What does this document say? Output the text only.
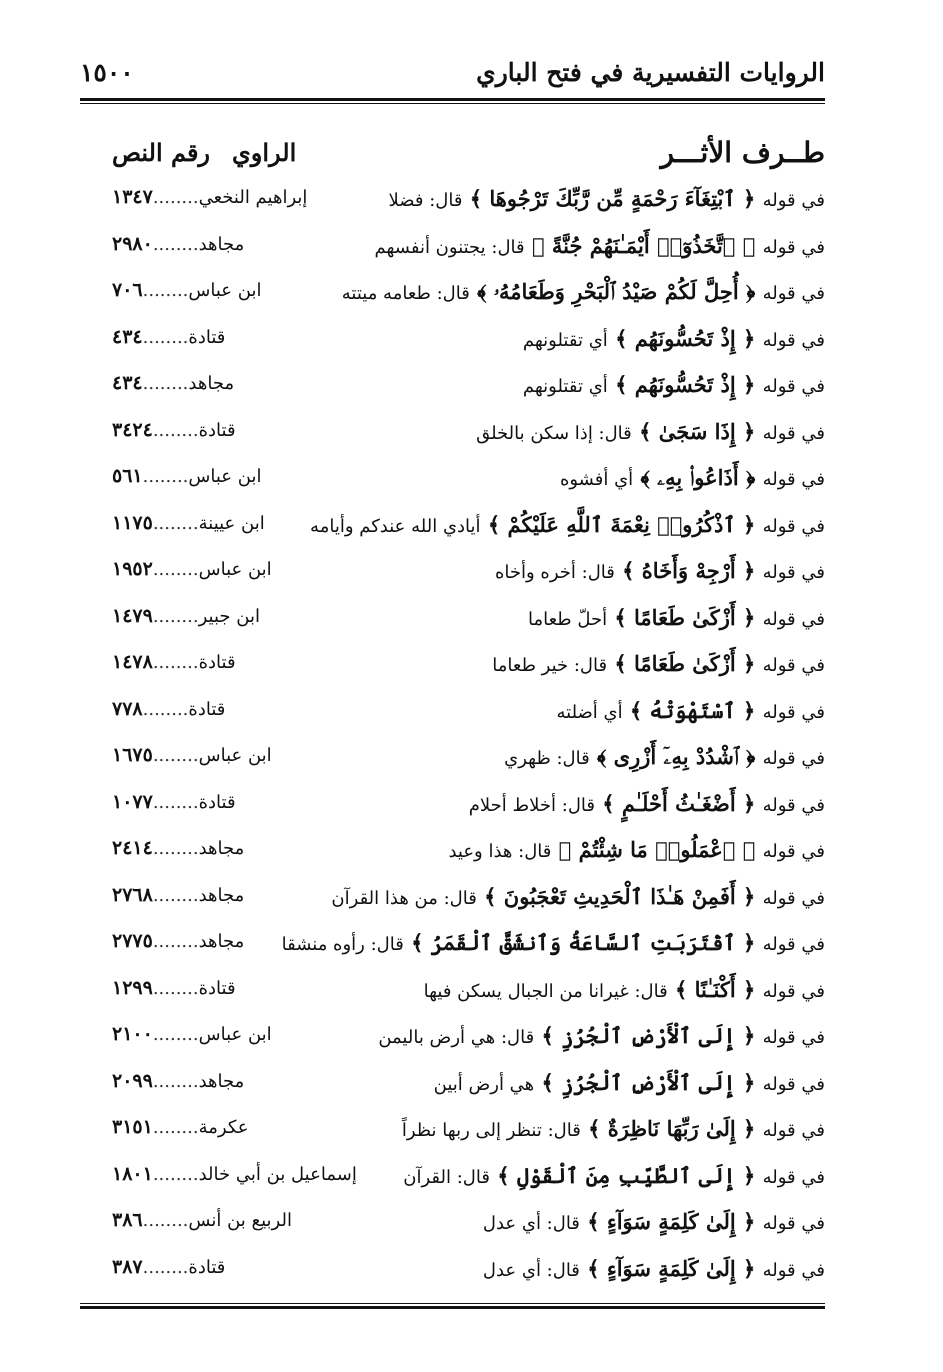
الروايات التفسيرية في فتح الباري
١٥٠٠
طــرف الأثـــر
الراوي
رقم النص
في قوله ﴿ ٱبْتِغَآءَ رَحْمَةٍ مِّن رَّبِّكَ تَرْجُوهَا ﴾ قال: فضلا
إبراهيم النخعي........١٣٤٧
في قوله ﴿ ٱتَّخَذُوٓا۟ أَيْمَـٰنَهُمْ جُنَّةً ﴾ قال: يجتنون أنفسهم
مجاهد........٢٩٨٠
في قوله ﴿ أُحِلَّ لَكُمْ صَيْدُ ٱلْبَحْرِ وَطَعَامُهُۥ ﴾ قال: طعامه ميتته
ابن عباس........٧٠٦
في قوله ﴿ إِذْ تَحُسُّونَهُم ﴾ أي تقتلونهم
قتادة........٤٣٤
في قوله ﴿ إِذْ تَحُسُّونَهُم ﴾ أي تقتلونهم
مجاهد........٤٣٤
في قوله ﴿ إِذَا سَجَىٰ ﴾ قال: إذا سكن بالخلق
قتادة........٣٤٢٤
في قوله ﴿ أَذَاعُوا۟ بِهِۦ ﴾ أي أفشوه
ابن عباس........٥٦١
في قوله ﴿ ٱذْكُرُوا۟ نِعْمَةَ ٱللَّهِ عَلَيْكُمْ ﴾ أيادي الله عندكم وأيامه
ابن عيينة........١١٧٥
في قوله ﴿ أَرْجِهْ وَأَخَاهُ ﴾ قال: أخره وأخاه
ابن عباس........١٩٥٢
في قوله ﴿ أَزْكَىٰ طَعَامًا ﴾ أحلّ طعاما
ابن جبير........١٤٧٩
في قوله ﴿ أَزْكَىٰ طَعَامًا ﴾ قال: خير طعاما
قتادة........١٤٧٨
في قوله ﴿ ٱسْتَهْوَتْهُ ﴾ أي أضلته
قتادة........٧٧٨
في قوله ﴿ ٱشْدُدْ بِهِۦٓ أَزْرِى ﴾ قال: ظهري
ابن عباس........١٦٧٥
في قوله ﴿ أَضْغَـٰثُ أَحْلَـٰمٍ ﴾ قال: أخلاط أحلام
قتادة........١٠٧٧
في قوله ﴿ ٱعْمَلُوا۟ مَا شِئْتُمْ ﴾ قال: هذا وعيد
مجاهد........٢٤١٤
في قوله ﴿ أَفَمِنْ هَـٰذَا ٱلْحَدِيثِ تَعْجَبُونَ ﴾ قال: من هذا القرآن
مجاهد........٢٧٦٨
في قوله ﴿ ٱقْتَرَبَتِ ٱلسَّاعَةُ وَٱنشَقَّ ٱلْقَمَرُ ﴾ قال: رأوه منشقا
مجاهد........٢٧٧٥
في قوله ﴿ أَكْنَـٰنًا ﴾ قال: غيرانا من الجبال يسكن فيها
قتادة........١٢٩٩
في قوله ﴿ إِلَى ٱلْأَرْضِ ٱلْجُرُزِ ﴾ قال: هي أرض باليمن
ابن عباس........٢١٠٠
في قوله ﴿ إِلَى ٱلْأَرْضِ ٱلْجُرُزِ ﴾ هي أرض أبين
مجاهد........٢٠٩٩
في قوله ﴿ إِلَىٰ رَبِّهَا نَاظِرَةٌ ﴾ قال: تنظر إلى ربها نظراً
عكرمة........٣١٥١
في قوله ﴿ إِلَى ٱلطَّيِّبِ مِنَ ٱلْقَوْلِ ﴾ قال: القرآن
إسماعيل بن أبي خالد........١٨٠١
في قوله ﴿ إِلَىٰ كَلِمَةٍ سَوَآءٍ ﴾ قال: أي عدل
الربيع بن أنس........٣٨٦
في قوله ﴿ إِلَىٰ كَلِمَةٍ سَوَآءٍ ﴾ قال: أي عدل
قتادة........٣٨٧
